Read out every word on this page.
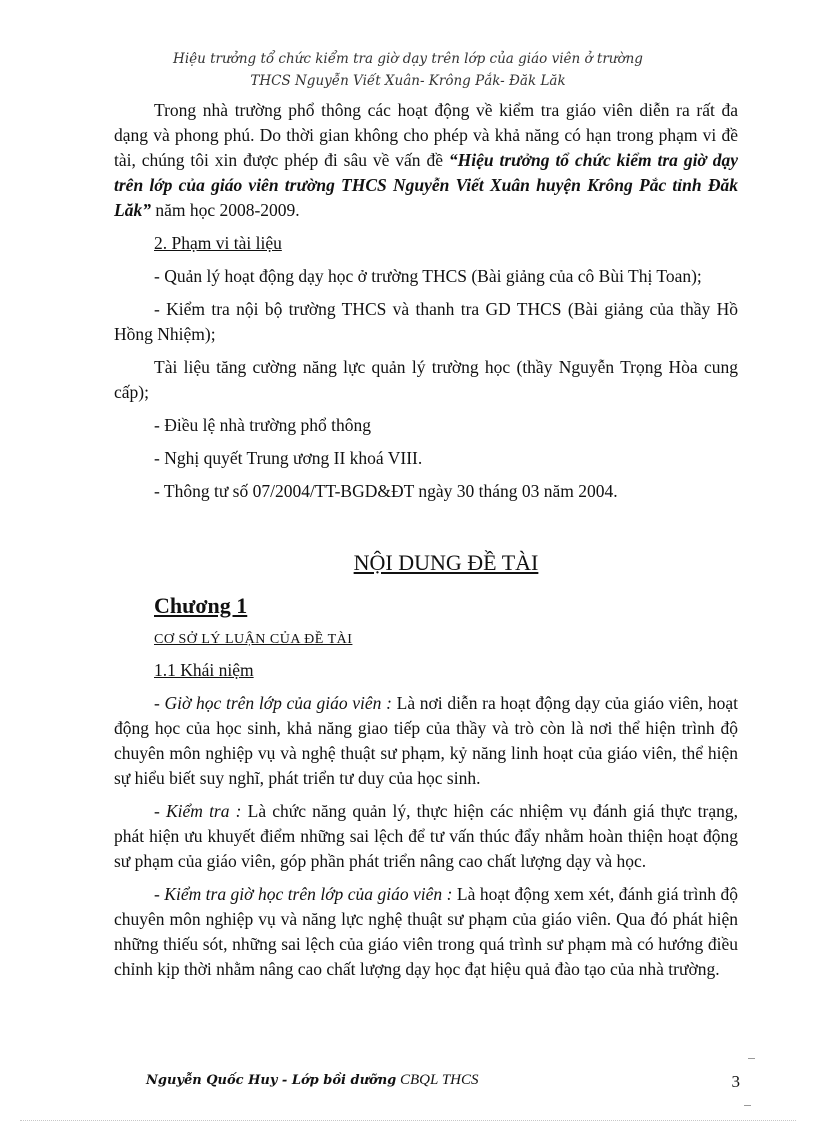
Hiệu trưởng tổ chức kiểm tra giờ dạy trên lớp của giáo viên ở trường
THCS Nguyễn Viết Xuân- Krông Pắk- Đăk Lăk

Trong nhà trường phổ thông các hoạt động về kiểm tra giáo viên diễn ra rất đa dạng và phong phú. Do thời gian không cho phép và khả năng có hạn trong phạm vi đề tài, chúng tôi xin được phép đi sâu về vấn đề “Hiệu trưởng tổ chức kiểm tra giờ dạy trên lớp của giáo viên trường THCS Nguyễn Viết Xuân huyện Krông Pắc tỉnh Đăk Lăk” năm học 2008-2009.

2. Phạm vi tài liệu

- Quản lý hoạt động dạy học ở trường THCS (Bài giảng của cô Bùi Thị Toan);

- Kiểm tra nội bộ trường THCS và thanh tra GD THCS (Bài giảng của thầy Hồ Hồng Nhiệm);

Tài liệu tăng cường năng lực quản lý trường học (thầy Nguyễn Trọng Hòa cung cấp);

- Điều lệ nhà trường phổ thông

- Nghị quyết Trung ương II khoá VIII.

- Thông tư số 07/2004/TT-BGD&ĐT ngày 30 tháng 03 năm 2004.

NỘI DUNG ĐỀ TÀI

Chương 1

CƠ SỞ LÝ LUẬN CỦA ĐỀ TÀI

1.1 Khái niệm

- Giờ học trên lớp của giáo viên : Là nơi diễn ra hoạt động dạy của giáo viên, hoạt động học của học sinh, khả năng giao tiếp của thầy và trò còn là nơi thể hiện trình độ chuyên môn nghiệp vụ và nghệ thuật sư phạm, kỷ năng linh hoạt của giáo viên, thể hiện sự hiểu biết suy nghĩ, phát triển tư duy của học sinh.

- Kiểm tra : Là chức năng quản lý, thực hiện các nhiệm vụ đánh giá thực trạng, phát hiện ưu khuyết điểm những sai lệch để tư vấn thúc đẩy nhằm hoàn thiện hoạt động sư phạm của giáo viên, góp phần phát triển nâng cao chất lượng dạy và học.

- Kiểm tra giờ học trên lớp của giáo viên : Là hoạt động xem xét, đánh giá trình độ chuyên môn nghiệp vụ và năng lực nghệ thuật sư phạm của giáo viên. Qua đó phát hiện những thiếu sót, những sai lệch của giáo viên trong quá trình sư phạm mà có hướng điều chỉnh kịp thời nhằm nâng cao chất lượng dạy học đạt hiệu quả đào tạo của nhà trường.

Nguyễn Quốc Huy - Lớp bồi dưỡng CBQL THCS	3
